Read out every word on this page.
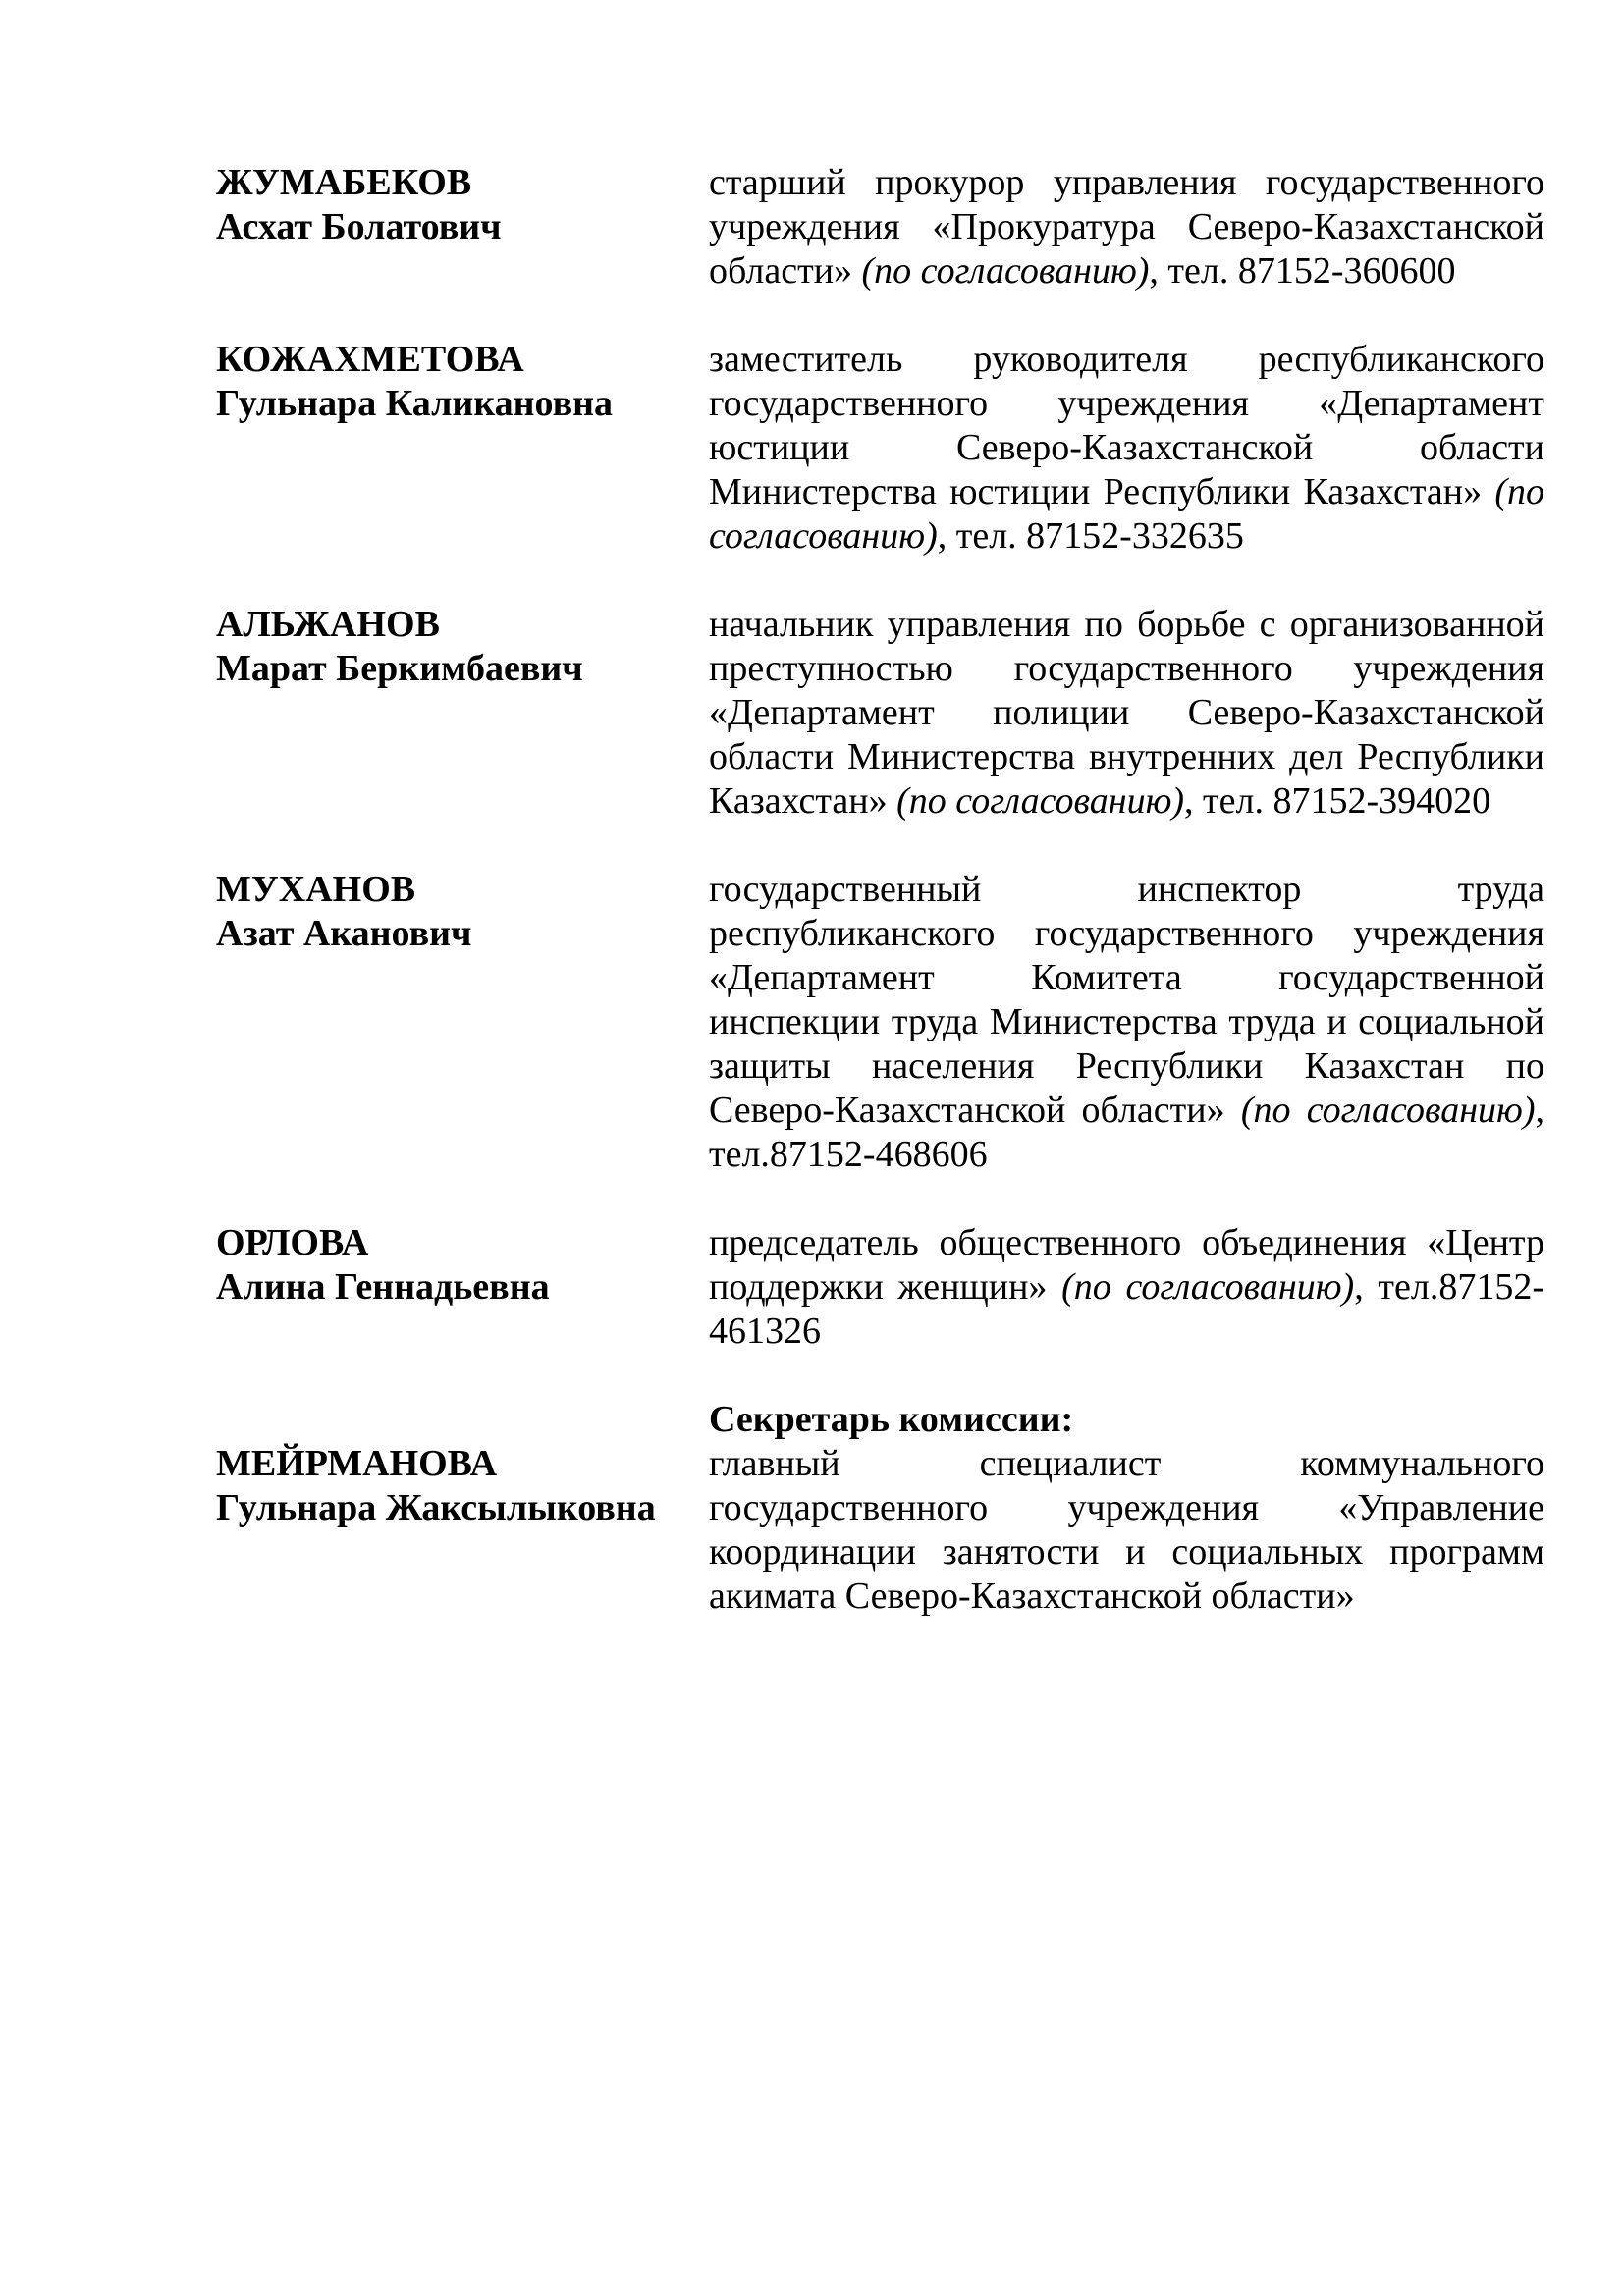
ЖУМАБЕКОВ
Асхат Болатович
старший прокурор управления государственного учреждения «Прокуратура Северо-Казахстанской области» (по согласованию), тел. 87152-360600
КОЖАХМЕТОВА
Гульнара Каликановна
заместитель руководителя республиканского государственного учреждения «Департамент юстиции Северо-Казахстанской области Министерства юстиции Республики Казахстан» (по согласованию), тел. 87152-332635
АЛЬЖАНОВ
Марат Беркимбаевич
начальник управления по борьбе с организованной преступностью государственного учреждения «Департамент полиции Северо-Казахстанской области Министерства внутренних дел Республики Казахстан» (по согласованию), тел. 87152-394020
МУХАНОВ
Азат Аканович
государственный инспектор труда республиканского государственного учреждения «Департамент Комитета государственной инспекции труда Министерства труда и социальной защиты населения Республики Казахстан по Северо-Казахстанской области» (по согласованию), тел.87152-468606
ОРЛОВА
Алина Геннадьевна
председатель общественного объединения «Центр поддержки женщин» (по согласованию), тел.87152-461326
МЕЙРМАНОВА
Гульнара Жаксылыковна
Секретарь комиссии:
главный специалист коммунального государственного учреждения «Управление координации занятости и социальных программ акимата Северо-Казахстанской области»
